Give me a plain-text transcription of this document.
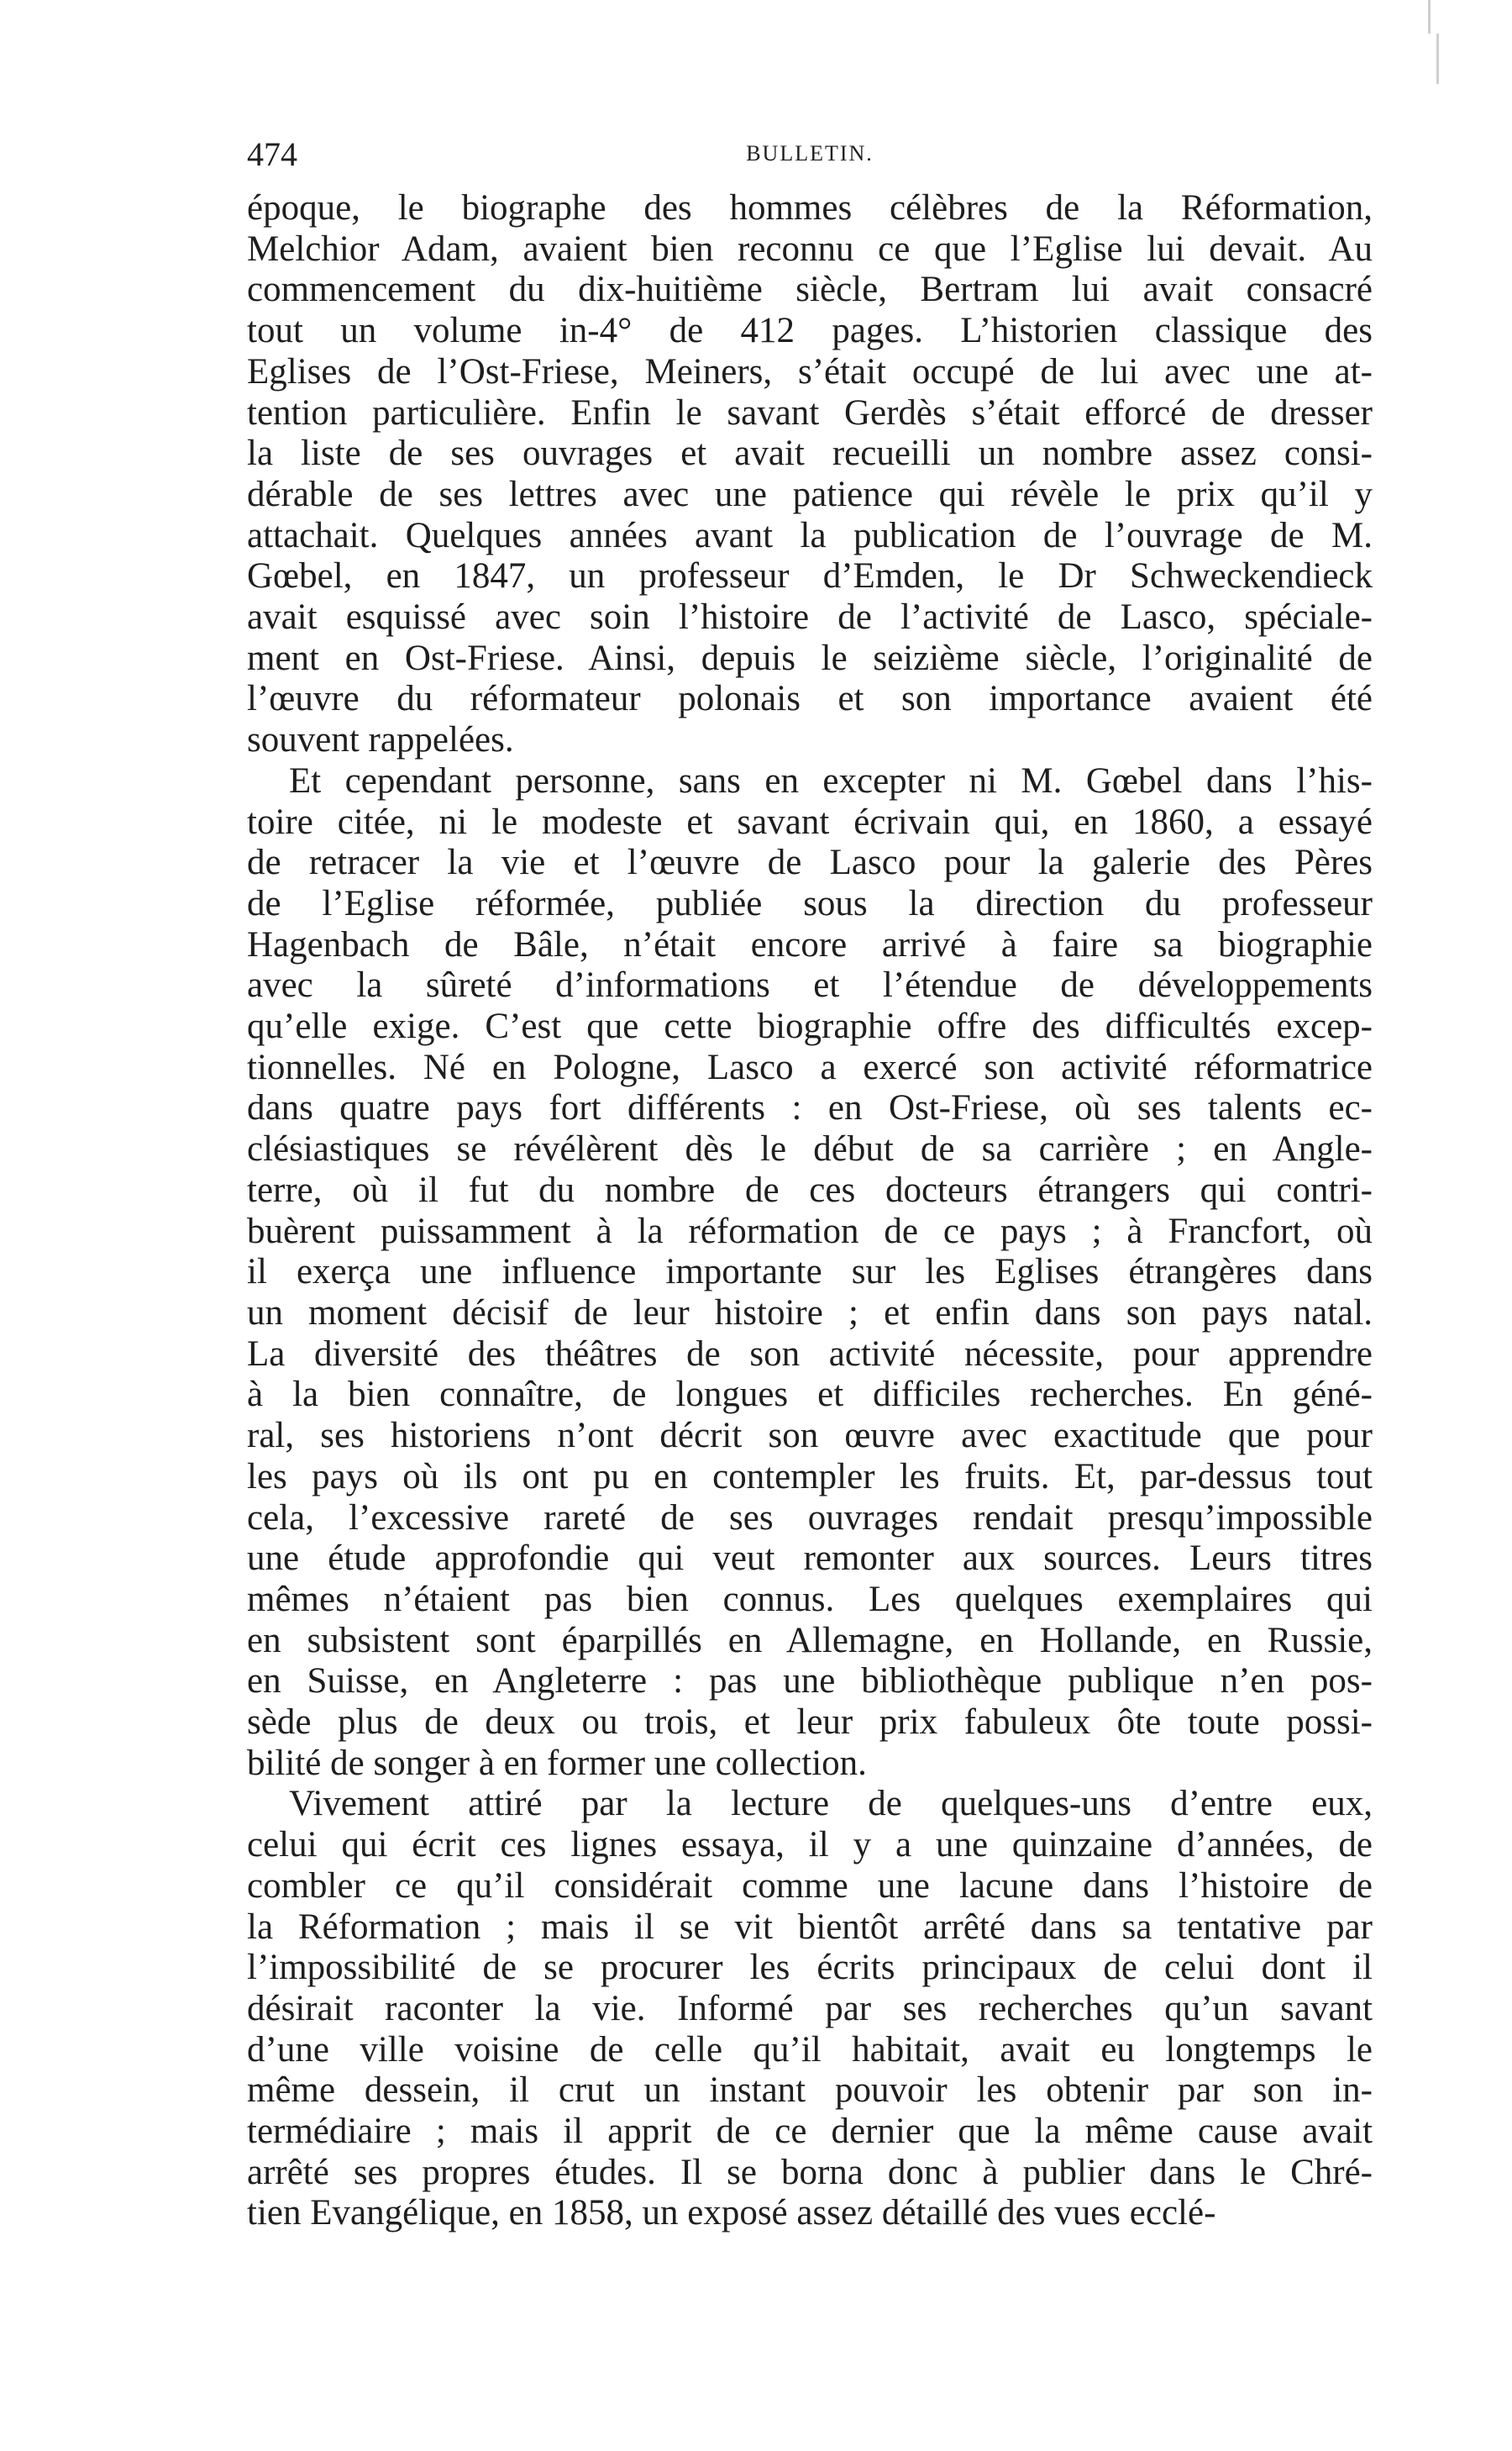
474	BULLETIN.

époque, le biographe des hommes célèbres de la Réformation,
Melchior Adam, avaient bien reconnu ce que l’Eglise lui devait. Au
commencement du dix-huitième siècle, Bertram lui avait consacré
tout un volume in-4° de 412 pages. L’historien classique des
Eglises de l’Ost-Friese, Meiners, s’était occupé de lui avec une at-
tention particulière. Enfin le savant Gerdès s’était efforcé de dresser
la liste de ses ouvrages et avait recueilli un nombre assez consi-
dérable de ses lettres avec une patience qui révèle le prix qu’il y
attachait. Quelques années avant la publication de l’ouvrage de M.
Gœbel, en 1847, un professeur d’Emden, le Dr Schweckendieck
avait esquissé avec soin l’histoire de l’activité de Lasco, spéciale-
ment en Ost-Friese. Ainsi, depuis le seizième siècle, l’originalité de
l’œuvre du réformateur polonais et son importance avaient été
souvent rappelées.

Et cependant personne, sans en excepter ni M. Gœbel dans l’his-
toire citée, ni le modeste et savant écrivain qui, en 1860, a essayé
de retracer la vie et l’œuvre de Lasco pour la galerie des Pères
de l’Eglise réformée, publiée sous la direction du professeur
Hagenbach de Bâle, n’était encore arrivé à faire sa biographie
avec la sûreté d’informations et l’étendue de développements
qu’elle exige. C’est que cette biographie offre des difficultés excep-
tionnelles. Né en Pologne, Lasco a exercé son activité réformatrice
dans quatre pays fort différents : en Ost-Friese, où ses talents ec-
clésiastiques se révélèrent dès le début de sa carrière ; en Angle-
terre, où il fut du nombre de ces docteurs étrangers qui contri-
buèrent puissamment à la réformation de ce pays ; à Francfort, où
il exerça une influence importante sur les Eglises étrangères dans
un moment décisif de leur histoire ; et enfin dans son pays natal.
La diversité des théâtres de son activité nécessite, pour apprendre
à la bien connaître, de longues et difficiles recherches. En géné-
ral, ses historiens n’ont décrit son œuvre avec exactitude que pour
les pays où ils ont pu en contempler les fruits. Et, par-dessus tout
cela, l’excessive rareté de ses ouvrages rendait presqu’impossible
une étude approfondie qui veut remonter aux sources. Leurs titres
mêmes n’étaient pas bien connus. Les quelques exemplaires qui
en subsistent sont éparpillés en Allemagne, en Hollande, en Russie,
en Suisse, en Angleterre : pas une bibliothèque publique n’en pos-
sède plus de deux ou trois, et leur prix fabuleux ôte toute possi-
bilité de songer à en former une collection.

Vivement attiré par la lecture de quelques-uns d’entre eux,
celui qui écrit ces lignes essaya, il y a une quinzaine d’années, de
combler ce qu’il considérait comme une lacune dans l’histoire de
la Réformation ; mais il se vit bientôt arrêté dans sa tentative par
l’impossibilité de se procurer les écrits principaux de celui dont il
désirait raconter la vie. Informé par ses recherches qu’un savant
d’une ville voisine de celle qu’il habitait, avait eu longtemps le
même dessein, il crut un instant pouvoir les obtenir par son in-
termédiaire ; mais il apprit de ce dernier que la même cause avait
arrêté ses propres études. Il se borna donc à publier dans le Chré-
tien Evangélique, en 1858, un exposé assez détaillé des vues ecclé-
